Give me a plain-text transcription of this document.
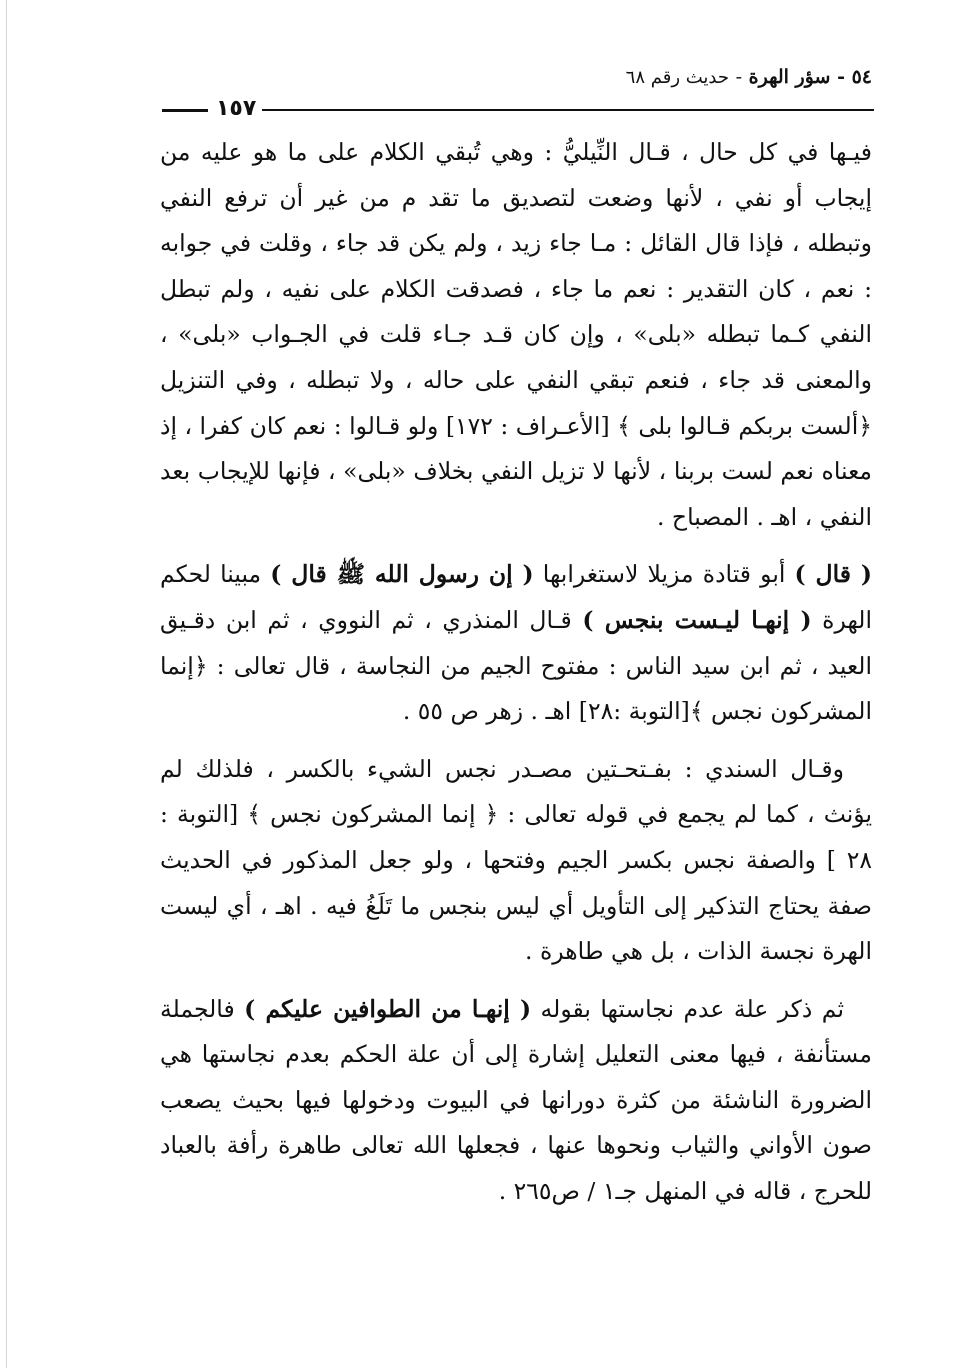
٥٤ - سؤر الهرة - حديث رقم ٦٨
١٥٧

فيـها في كل حال ، قـال النِّيليُّ : وهي تُبقي الكلام على ما هو عليه من إيجاب أو نفي ، لأنها وضعت لتصديق ما تقد م من غير أن ترفع النفي وتبطله ، فإذا قال القائل : مـا جاء زيد ، ولم يكن قد جاء ، وقلت في جوابه : نعم ، كان التقدير : نعم ما جاء ، فصدقت الكلام على نفيه ، ولم تبطل النفي كـما تبطله «بلى» ، وإن كان قـد جـاء قلت في الجـواب «بلى» ، والمعنى قد جاء ، فنعم تبقي النفي على حاله ، ولا تبطله ، وفي التنزيل ﴿ألست بربكم قـالوا بلى ﴾ [الأعـراف : ١٧٢] ولو قـالوا : نعم كان كفرا ، إذ معناه نعم لست بربنا ، لأنها لا تزيل النفي بخلاف «بلى» ، فإنها للإيجاب بعد النفي ، اهـ . المصباح .

( قال ) أبو قتادة مزيلا لاستغرابها ( إن رسول الله ﷺ قال ) مبينا لحكم الهرة ( إنهـا ليـست بنجس ) قـال المنذري ، ثم النووي ، ثم ابن دقـيق العيد ، ثم ابن سيد الناس : مفتوح الجيم من النجاسة ، قال تعالى : ﴿إنما المشركون نجس ﴾[التوبة :٢٨] اهـ . زهر ص ٥٥ .

وقـال السندي : بفـتحـتين مصـدر نجس الشيء بالكسر ، فلذلك لم يؤنث ، كما لم يجمع في قوله تعالى : ﴿ إنما المشركون نجس ﴾ [التوبة : ٢٨ ] والصفة نجس بكسر الجيم وفتحها ، ولو جعل المذكور في الحديث صفة يحتاج التذكير إلى التأويل أي ليس بنجس ما تَلَغُ فيه . اهـ ، أي ليست الهرة نجسة الذات ، بل هي طاهرة .

ثم ذكر علة عدم نجاستها بقوله ( إنهـا من الطوافين عليكم ) فالجملة مستأنفة ، فيها معنى التعليل إشارة إلى أن علة الحكم بعدم نجاستها هي الضرورة الناشئة من كثرة دورانها في البيوت ودخولها فيها بحيث يصعب صون الأواني والثياب ونحوها عنها ، فجعلها الله تعالى طاهرة رأفة بالعباد للحرج ، قاله في المنهل جـ١ / ص٢٦٥ .
